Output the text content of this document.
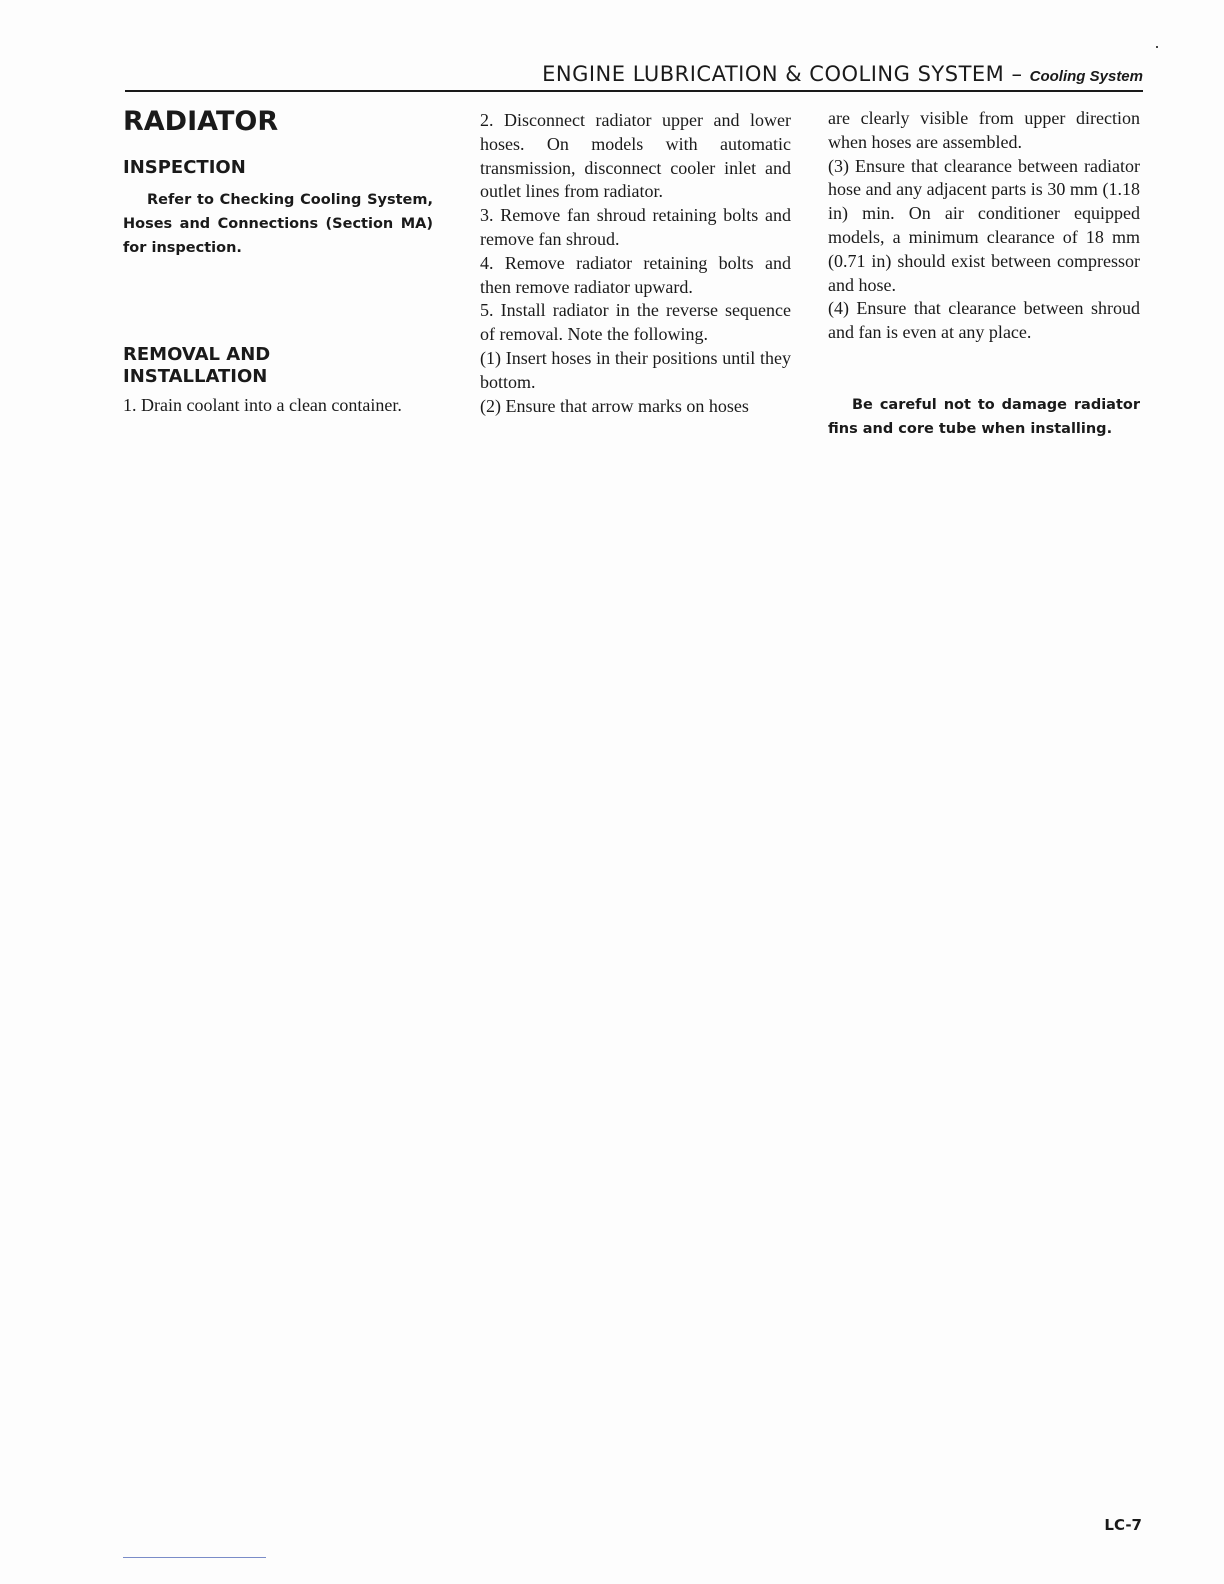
ENGINE LUBRICATION & COOLING SYSTEM – Cooling System
RADIATOR
INSPECTION

Refer to Checking Cooling System, Hoses and Connections (Section MA) for inspection.

REMOVAL AND
INSTALLATION

1. Drain coolant into a clean container.

2. Disconnect radiator upper and lower hoses. On models with automatic transmission, disconnect cooler inlet and outlet lines from radiator.

3. Remove fan shroud retaining bolts and remove fan shroud.

4. Remove radiator retaining bolts and then remove radiator upward.

5. Install radiator in the reverse sequence of removal. Note the following.

(1) Insert hoses in their positions until they bottom.

(2) Ensure that arrow marks on hoses

are clearly visible from upper direction when hoses are assembled.

(3) Ensure that clearance between radiator hose and any adjacent parts is 30 mm (1.18 in) min. On air conditioner equipped models, a minimum clearance of 18 mm (0.71 in) should exist between compressor and hose.

(4) Ensure that clearance between shroud and fan is even at any place.

Be careful not to damage radiator fins and core tube when installing.

LC-7
